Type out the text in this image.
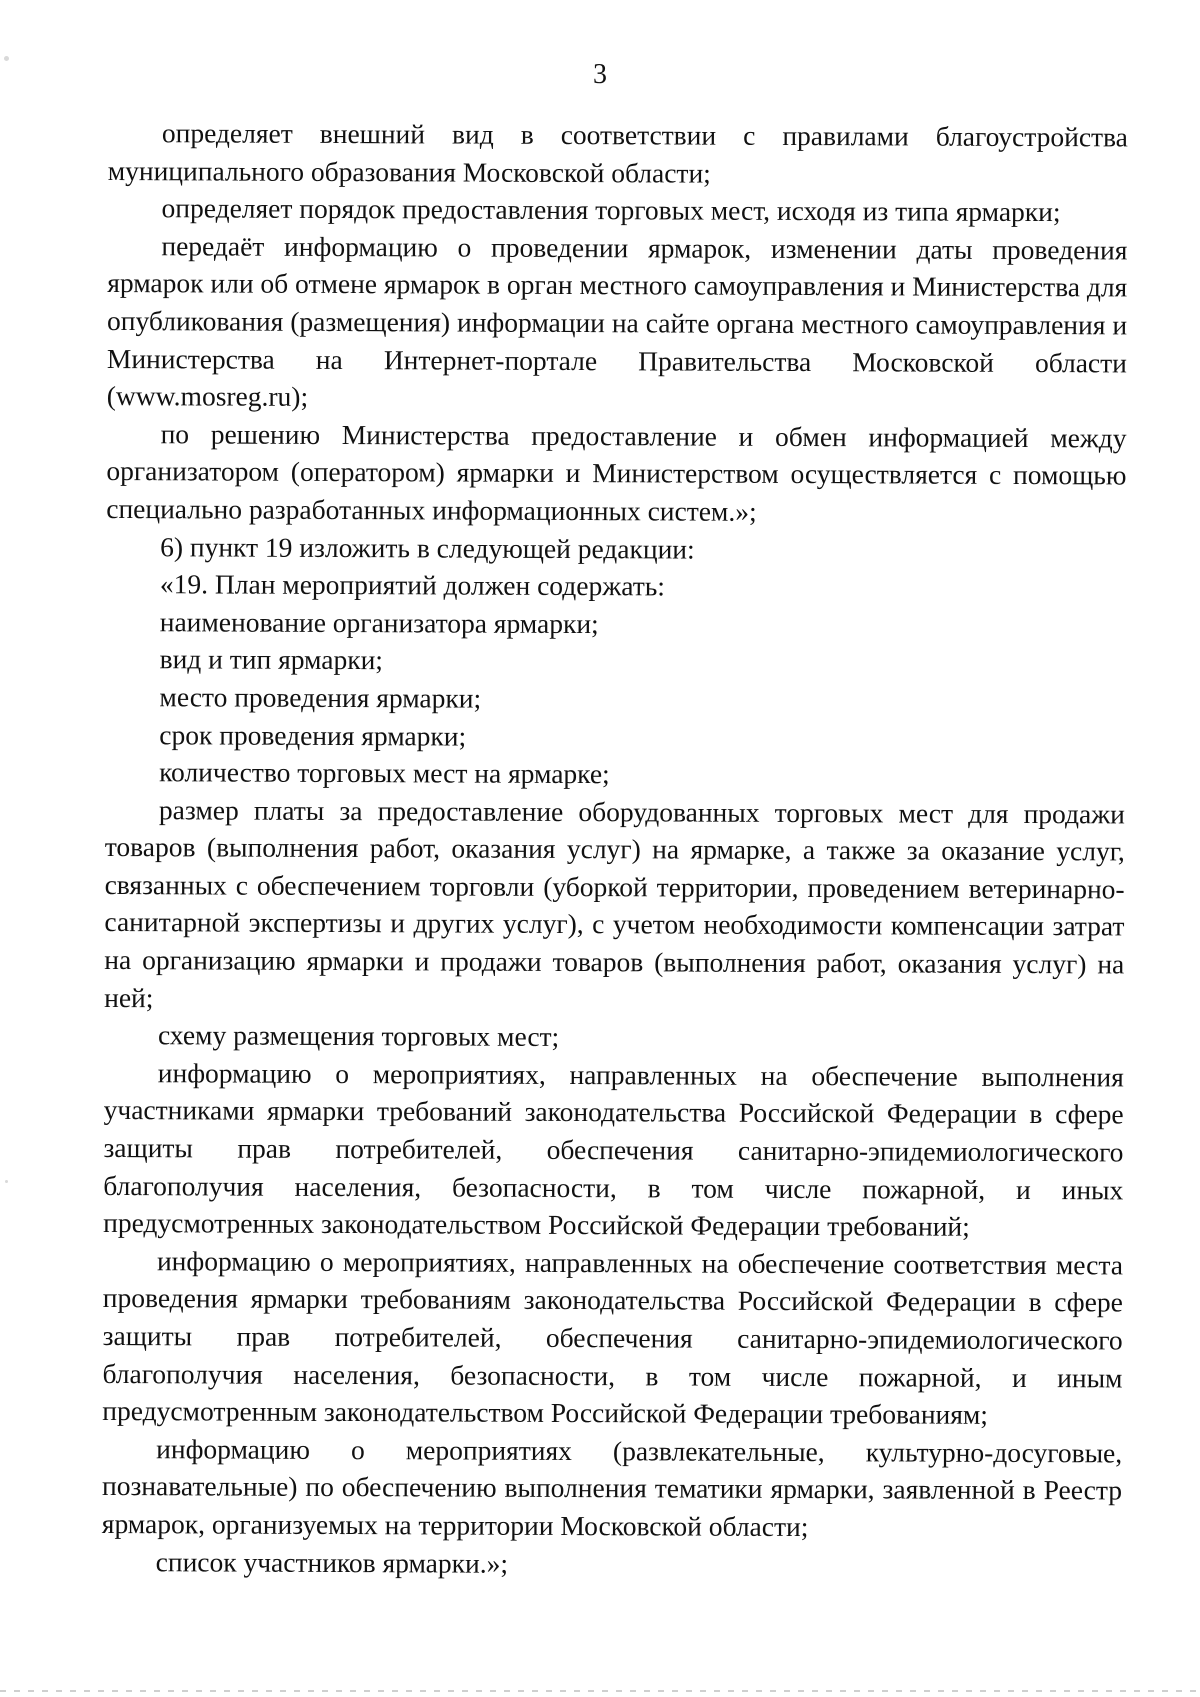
3

определяет внешний вид в соответствии с правилами благоустройства муниципального образования Московской области;

определяет порядок предоставления торговых мест, исходя из типа ярмарки;

передаёт информацию о проведении ярмарок, изменении даты проведения ярмарок или об отмене ярмарок в орган местного самоуправления и Министерства для опубликования (размещения) информации на сайте органа местного самоуправления и Министерства на Интернет-портале Правительства Московской области (www.mosreg.ru);

по решению Министерства предоставление и обмен информацией между организатором (оператором) ярмарки и Министерством осуществляется с помощью специально разработанных информационных систем.»;

6) пункт 19 изложить в следующей редакции:

«19. План мероприятий должен содержать:

наименование организатора ярмарки;

вид и тип ярмарки;

место проведения ярмарки;

срок проведения ярмарки;

количество торговых мест на ярмарке;

размер платы за предоставление оборудованных торговых мест для продажи товаров (выполнения работ, оказания услуг) на ярмарке, а также за оказание услуг, связанных с обеспечением торговли (уборкой территории, проведением ветеринарно-санитарной экспертизы и других услуг), с учетом необходимости компенсации затрат на организацию ярмарки и продажи товаров (выполнения работ, оказания услуг) на ней;

схему размещения торговых мест;

информацию о мероприятиях, направленных на обеспечение выполнения участниками ярмарки требований законодательства Российской Федерации в сфере защиты прав потребителей, обеспечения санитарно-эпидемиологического благополучия населения, безопасности, в том числе пожарной, и иных предусмотренных законодательством Российской Федерации требований;

информацию о мероприятиях, направленных на обеспечение соответствия места проведения ярмарки требованиям законодательства Российской Федерации в сфере защиты прав потребителей, обеспечения санитарно-эпидемиологического благополучия населения, безопасности, в том числе пожарной, и иным предусмотренным законодательством Российской Федерации требованиям;

информацию о мероприятиях (развлекательные, культурно-досуговые, познавательные) по обеспечению выполнения тематики ярмарки, заявленной в Реестр ярмарок, организуемых на территории Московской области;

список участников ярмарки.»;
